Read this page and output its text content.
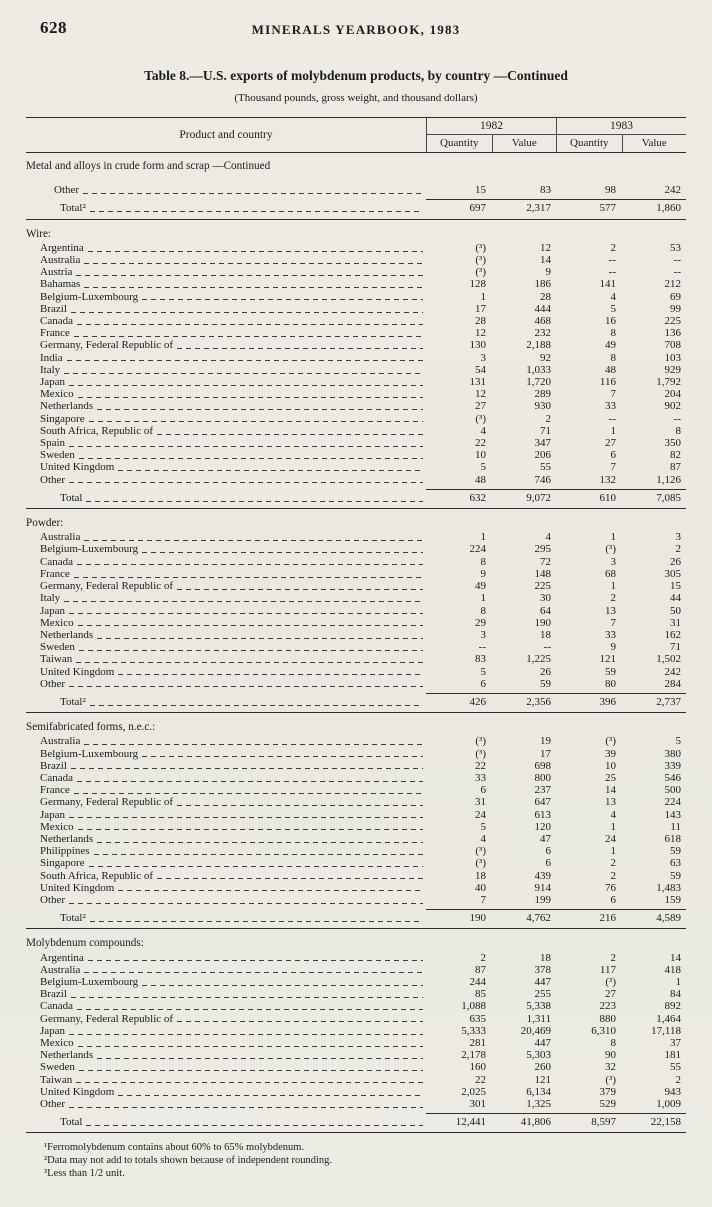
628	MINERALS YEARBOOK, 1983
Table 8.—U.S. exports of molybdenum products, by country —Continued
(Thousand pounds, gross weight, and thousand dollars)
Product and country
1982
Quantity	Value
1983
Quantity	Value
Metal and alloys in crude form and scrap —Continued
Other	15	83	98	242
Total²	697	2,317	577	1,860
Wire:
Argentina	(³)	12	2	53
Australia	(³)	14	--	--
Austria	(³)	9	--	--
Bahamas	128	186	141	212
Belgium-Luxembourg	1	28	4	69
Brazil	17	444	5	99
Canada	28	468	16	225
France	12	232	8	136
Germany, Federal Republic of	130	2,188	49	708
India	3	92	8	103
Italy	54	1,033	48	929
Japan	131	1,720	116	1,792
Mexico	12	289	7	204
Netherlands	27	930	33	902
Singapore	(³)	2	--	--
South Africa, Republic of	4	71	1	8
Spain	22	347	27	350
Sweden	10	206	6	82
United Kingdom	5	55	7	87
Other	48	746	132	1,126
Total	632	9,072	610	7,085
Powder:
Australia	1	4	1	3
Belgium-Luxembourg	224	295	(³)	2
Canada	8	72	3	26
France	9	148	68	305
Germany, Federal Republic of	49	225	1	15
Italy	1	30	2	44
Japan	8	64	13	50
Mexico	29	190	7	31
Netherlands	3	18	33	162
Sweden	--	--	9	71
Taiwan	83	1,225	121	1,502
United Kingdom	5	26	59	242
Other	6	59	80	284
Total²	426	2,356	396	2,737
Semifabricated forms, n.e.c.:
Australia	(³)	19	(³)	5
Belgium-Luxembourg	(³)	17	39	380
Brazil	22	698	10	339
Canada	33	800	25	546
France	6	237	14	500
Germany, Federal Republic of	31	647	13	224
Japan	24	613	4	143
Mexico	5	120	1	11
Netherlands	4	47	24	618
Philippines	(³)	6	1	59
Singapore	(³)	6	2	63
South Africa, Republic of	18	439	2	59
United Kingdom	40	914	76	1,483
Other	7	199	6	159
Total²	190	4,762	216	4,589
Molybdenum compounds:
Argentina	2	18	2	14
Australia	87	378	117	418
Belgium-Luxembourg	244	447	(³)	1
Brazil	85	255	27	84
Canada	1,088	5,338	223	892
Germany, Federal Republic of	635	1,311	880	1,464
Japan	5,333	20,469	6,310	17,118
Mexico	281	447	8	37
Netherlands	2,178	5,303	90	181
Sweden	160	260	32	55
Taiwan	22	121	(³)	2
United Kingdom	2,025	6,134	379	943
Other	301	1,325	529	1,009
Total	12,441	41,806	8,597	22,158
¹Ferromolybdenum contains about 60% to 65% molybdenum.
²Data may not add to totals shown because of independent rounding.
³Less than 1/2 unit.
